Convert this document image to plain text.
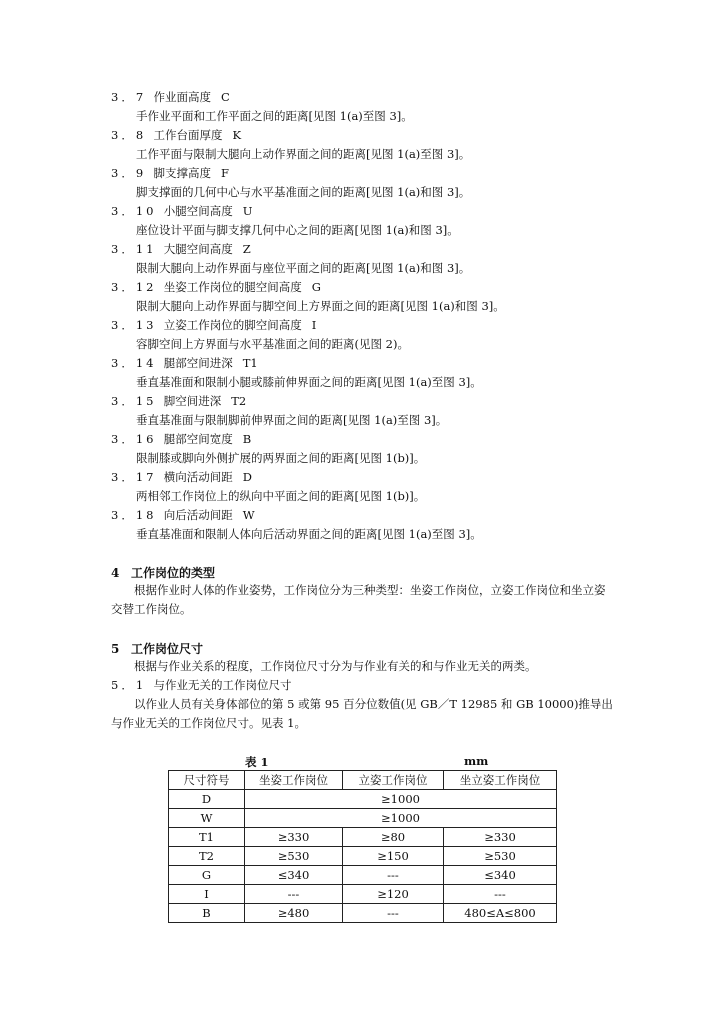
3．7 作业面高度 C
手作业平面和工作平面之间的距离[见图 1(a)至图 3]。
3．8 工作台面厚度 K
工作平面与限制大腿向上动作界面之间的距离[见图 1(a)至图 3]。
3．9 脚支撑高度 F
脚支撑面的几何中心与水平基准面之间的距离[见图 1(a)和图 3]。
3．10 小腿空间高度 U
座位设计平面与脚支撑几何中心之间的距离[见图 1(a)和图 3]。
3．11 大腿空间高度 Z
限制大腿向上动作界面与座位平面之间的距离[见图 1(a)和图 3]。
3．12 坐姿工作岗位的腿空间高度 G
限制大腿向上动作界面与脚空间上方界面之间的距离[见图 1(a)和图 3]。
3．13 立姿工作岗位的脚空间高度 I
容脚空间上方界面与水平基准面之间的距离(见图 2)。
3．14 腿部空间进深 T1
垂直基准面和限制小腿或膝前伸界面之间的距离[见图 1(a)至图 3]。
3．15 脚空间进深 T2
垂直基准面与限制脚前伸界面之间的距离[见图 1(a)至图 3]。
3．16 腿部空间宽度 B
限制膝或脚向外侧扩展的两界面之间的距离[见图 1(b)]。
3．17 横向活动间距 D
两相邻工作岗位上的纵向中平面之间的距离[见图 1(b)]。
3．18 向后活动间距 W
垂直基准面和限制人体向后活动界面之间的距离[见图 1(a)至图 3]。
4 工作岗位的类型
根据作业时人体的作业姿势，工作岗位分为三种类型：坐姿工作岗位，立姿工作岗位和坐立姿交替工作岗位。
5 工作岗位尺寸
根据与作业关系的程度，工作岗位尺寸分为与作业有关的和与作业无关的两类。
5．1 与作业无关的工作岗位尺寸
以作业人员有关身体部位的第 5 或第 95 百分位数值(见 GB／T 12985 和 GB 10000)推导出与作业无关的工作岗位尺寸。见表 1。
表 1	mm
尺寸符号	坐姿工作岗位	立姿工作岗位	坐立姿工作岗位
D	≥1000		
W	≥1000		
T1	≥330	≥80	≥330
T2	≥530	≥150	≥530
G	≤340	---	≤340
I	---	≥120	---
B	≥480	---	480≤A≤800
